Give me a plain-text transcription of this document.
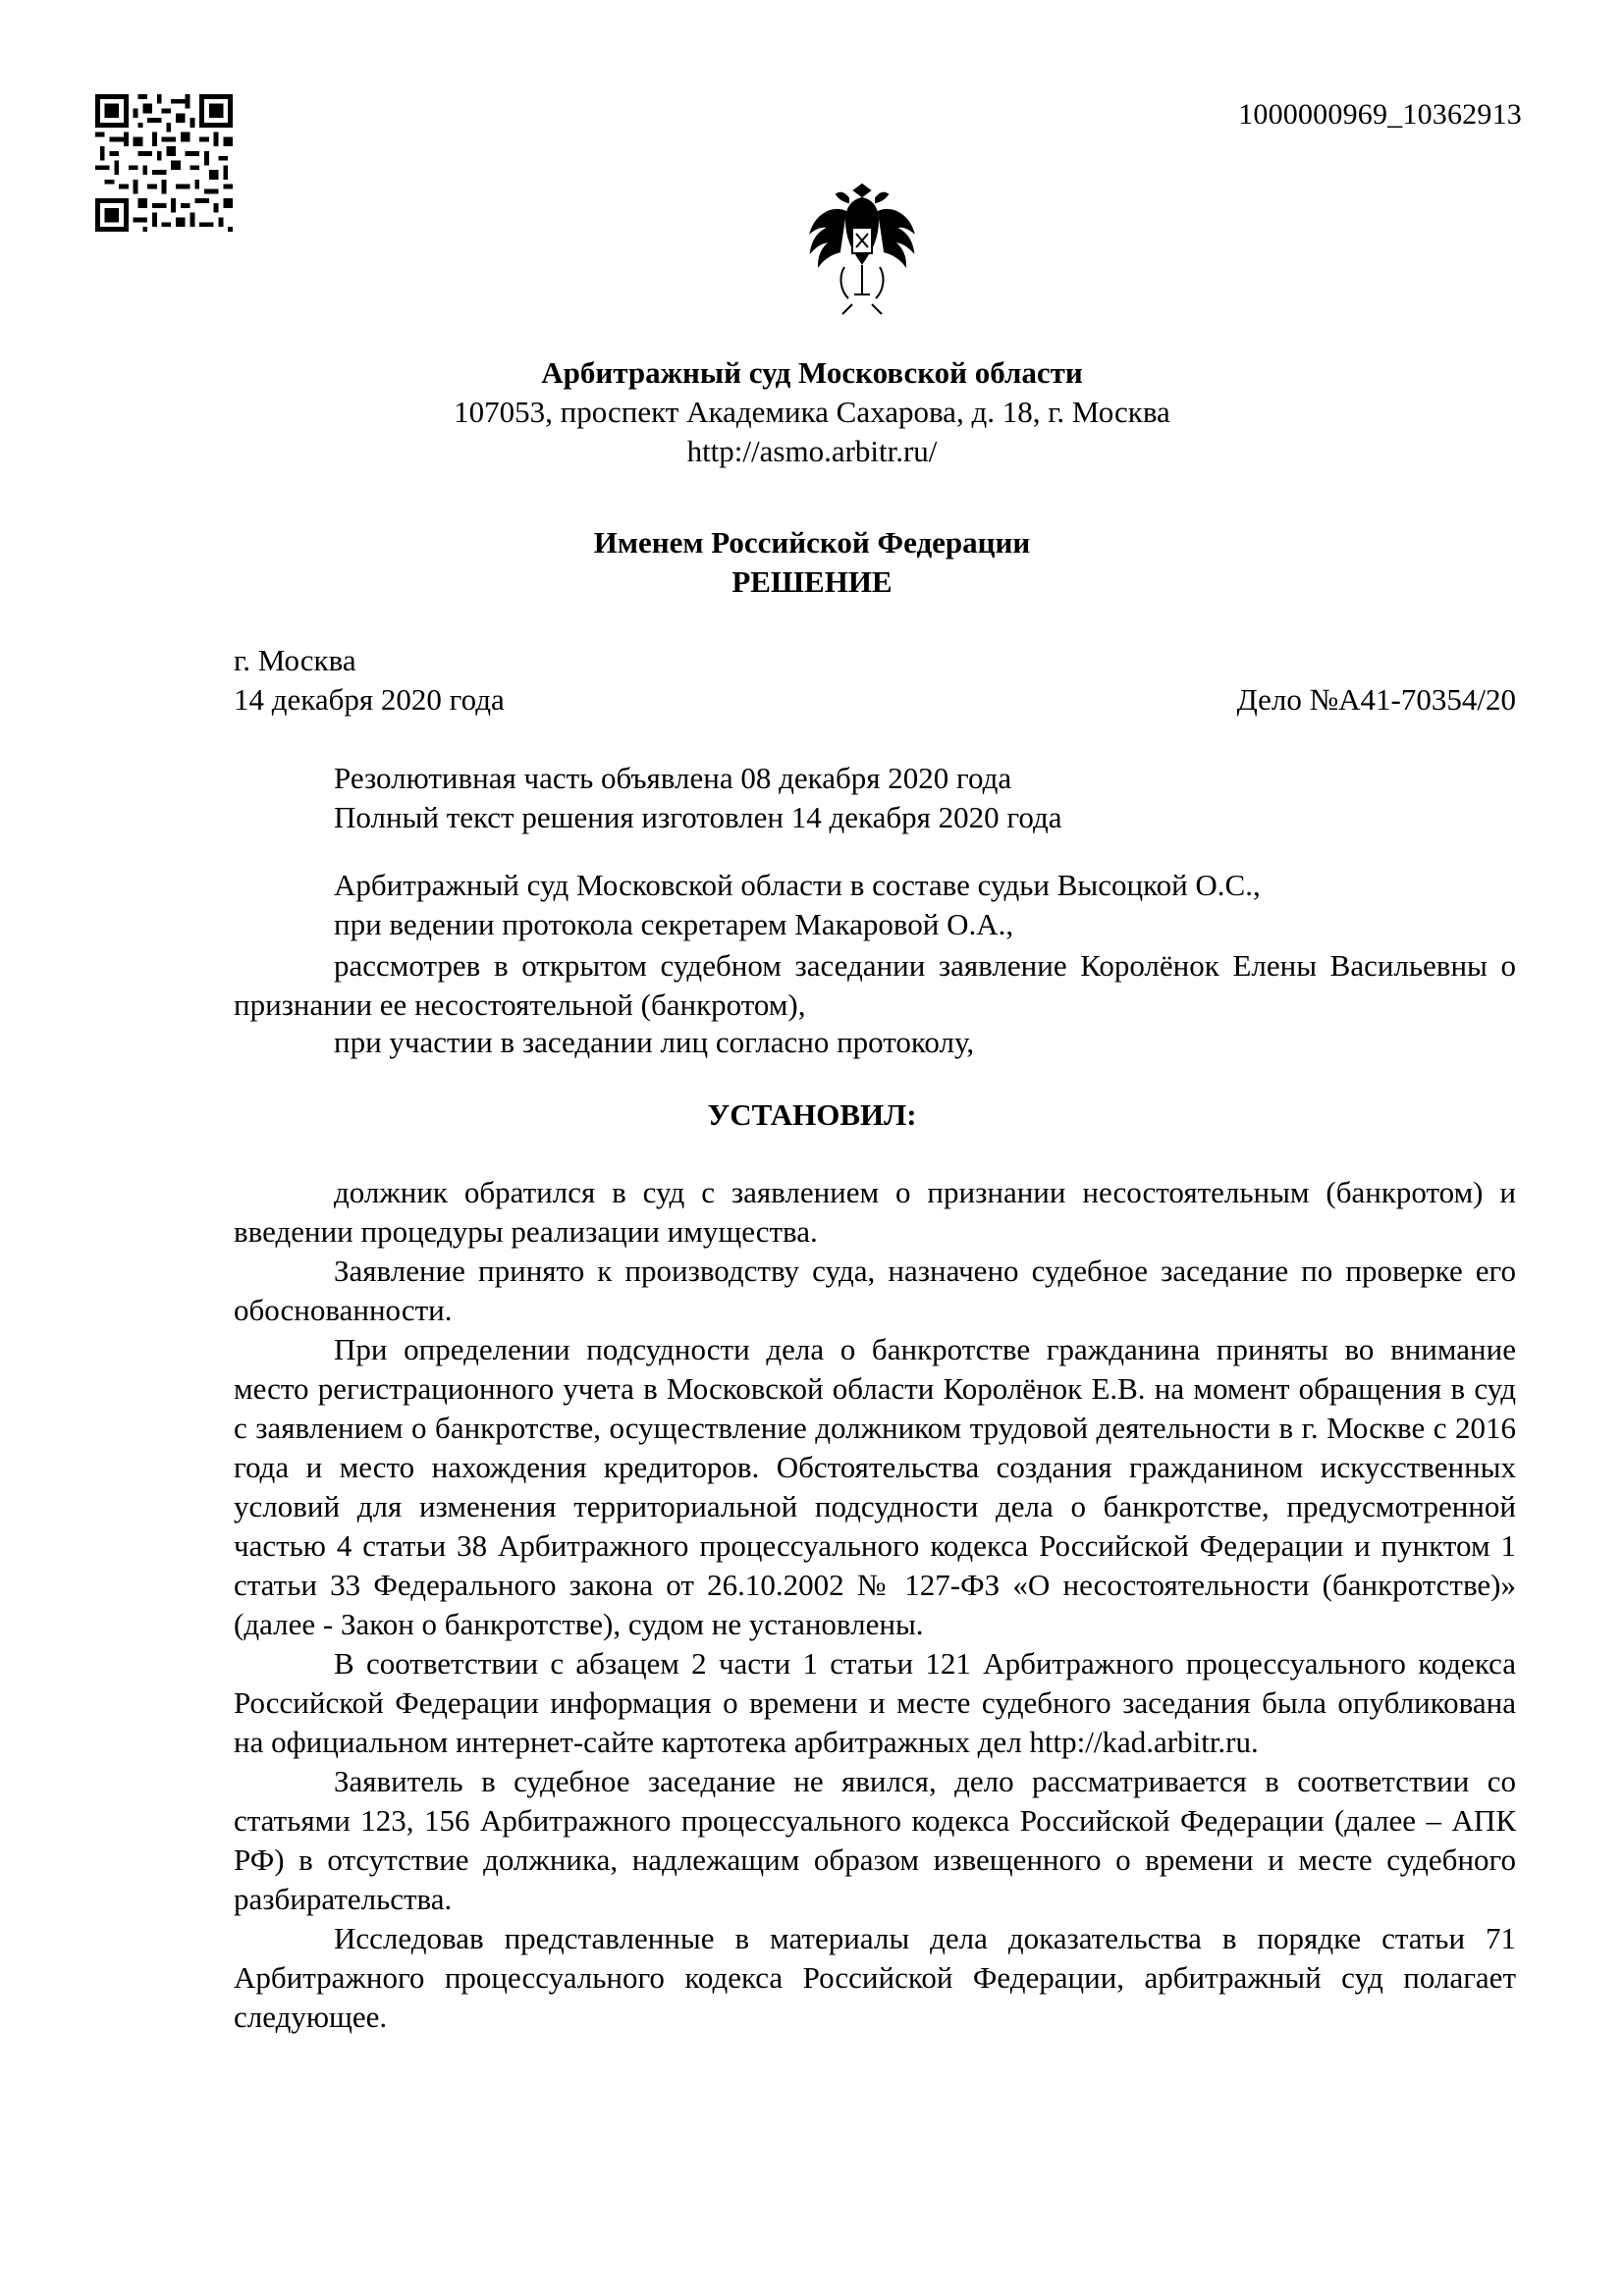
1000000969_10362913
Арбитражный суд Московской области
107053, проспект Академика Сахарова, д. 18, г. Москва
http://asmo.arbitr.ru/
Именем Российской Федерации
РЕШЕНИЕ
г. Москва
14 декабря 2020 года	Дело №А41-70354/20
Резолютивная часть объявлена 08 декабря 2020 года
Полный текст решения изготовлен 14 декабря 2020 года
Арбитражный суд Московской области в составе судьи Высоцкой О.С.,
при ведении протокола секретарем Макаровой О.А.,

рассмотрев в открытом судебном заседании заявление Королёнок Елены Васильевны о признании ее несостоятельной (банкротом),

при участии в заседании лиц согласно протоколу,
УСТАНОВИЛ:

должник обратился в суд с заявлением о признании несостоятельным (банкротом) и введении процедуры реализации имущества.

Заявление принято к производству суда, назначено судебное заседание по проверке его обоснованности.

При определении подсудности дела о банкротстве гражданина приняты во внимание место регистрационного учета в Московской области Королёнок Е.В. на момент обращения в суд с заявлением о банкротстве, осуществление должником трудовой деятельности в г. Москве с 2016 года и место нахождения кредиторов. Обстоятельства создания гражданином искусственных условий для изменения территориальной подсудности дела о банкротстве, предусмотренной частью 4 статьи 38 Арбитражного процессуального кодекса Российской Федерации и пунктом 1 статьи 33 Федерального закона от 26.10.2002 № 127-ФЗ «О несостоятельности (банкротстве)» (далее - Закон о банкротстве), судом не установлены.

В соответствии с абзацем 2 части 1 статьи 121 Арбитражного процессуального кодекса Российской Федерации информация о времени и месте судебного заседания была опубликована на официальном интернет-сайте картотека арбитражных дел http://kad.arbitr.ru.

Заявитель в судебное заседание не явился, дело рассматривается в соответствии со статьями 123, 156 Арбитражного процессуального кодекса Российской Федерации (далее – АПК РФ) в отсутствие должника, надлежащим образом извещенного о времени и месте судебного разбирательства.

Исследовав представленные в материалы дела доказательства в порядке статьи 71 Арбитражного процессуального кодекса Российской Федерации, арбитражный суд полагает следующее.
